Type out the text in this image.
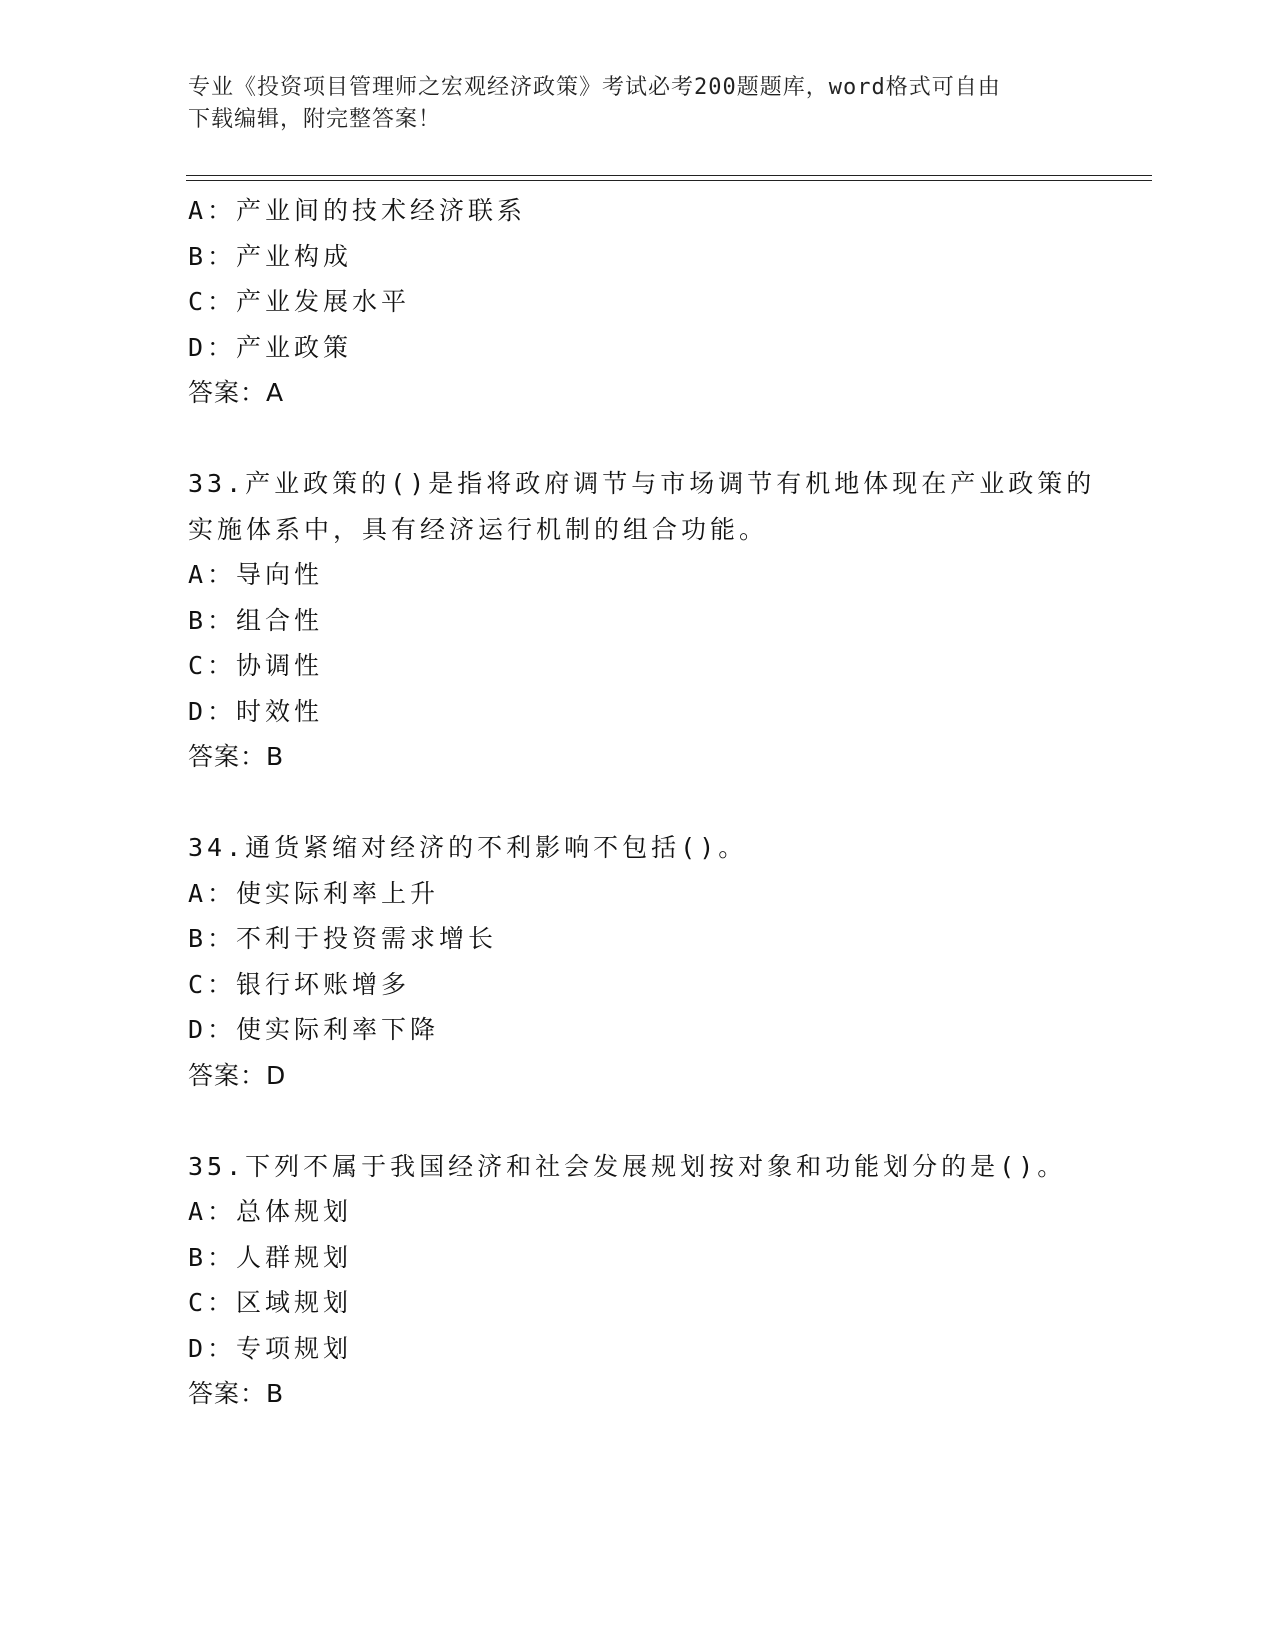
专业《投资项目管理师之宏观经济政策》考试必考200题题库，word格式可自由
下载编辑，附完整答案！
A：产业间的技术经济联系
B：产业构成
C：产业发展水平
D：产业政策
答案：A
33.产业政策的()是指将政府调节与市场调节有机地体现在产业政策的
实施体系中，具有经济运行机制的组合功能。
A：导向性
B：组合性
C：协调性
D：时效性
答案：B
34.通货紧缩对经济的不利影响不包括()。
A：使实际利率上升
B：不利于投资需求增长
C：银行坏账增多
D：使实际利率下降
答案：D
35.下列不属于我国经济和社会发展规划按对象和功能划分的是()。
A：总体规划
B：人群规划
C：区域规划
D：专项规划
答案：B
